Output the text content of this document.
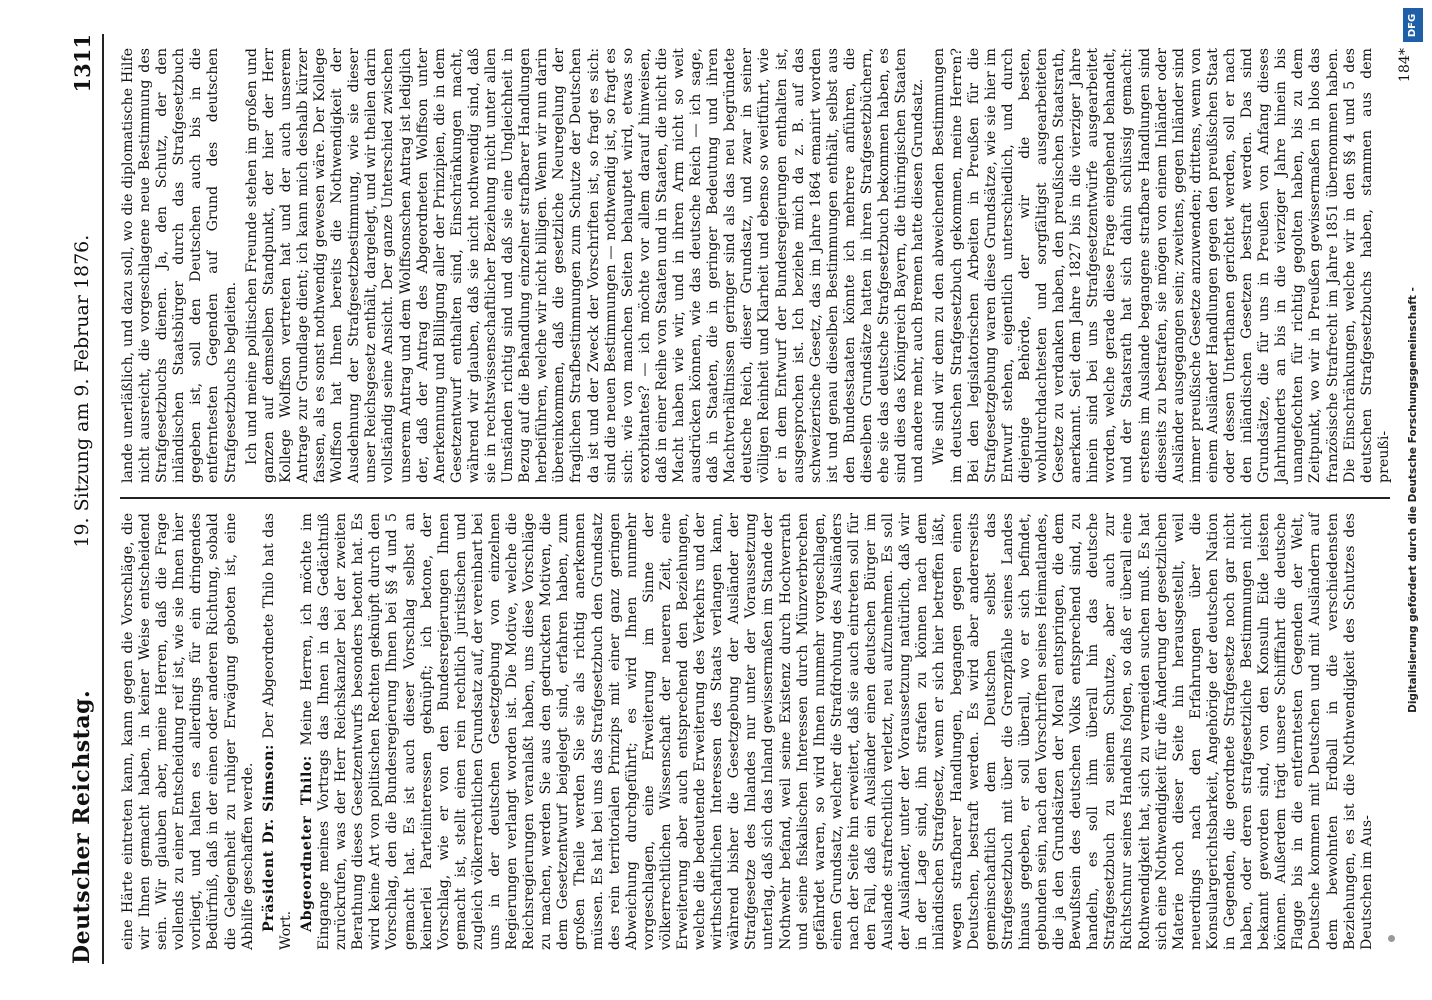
Deutscher Reichstag.
19. Sitzung am 9. Februar 1876.
1311

eine Härte eintreten kann, kann gegen die Vorschläge, die wir Ihnen gemacht haben, in keiner Weise entscheidend sein. Wir glauben aber, meine Herren, daß die Frage vollends zu einer Entscheidung reif ist, wie sie Ihnen hier vorliegt, und halten es allerdings für ein dringendes Bedürfniß, daß in der einen oder anderen Richtung, sobald die Gelegenheit zu ruhiger Erwägung geboten ist, eine Abhilfe geschaffen werde. Präsident Dr. Simson: Der Abgeordnete Thilo hat das Wort. Abgeordneter Thilo: Meine Herren, ich möchte im Eingange meines Vortrags das Ihnen in das Gedächtniß zurückrufen, was der Herr Reichskanzler bei der zweiten Berathung dieses Gesetzentwurfs besonders betont hat. Es wird keine Art von politischen Rechten geknüpft durch den Vorschlag, den die Bundesregierung Ihnen bei §§ 4 und 5 gemacht hat. Es ist auch dieser Vorschlag selbst an keinerlei Parteiinteressen geknüpft; ich betone, der Vorschlag, wie er von den Bundesregierungen Ihnen gemacht ist, stellt einen rein rechtlich juristischen und zugleich völkerrechtlichen Grundsatz auf, der vereinbart bei uns in der deutschen Gesetzgebung von einzelnen Regierungen verlangt worden ist. Die Motive, welche die Reichsregierungen veranlaßt haben, uns diese Vorschläge zu machen, werden Sie aus den gedruckten Motiven, die dem Gesetzentwurf beigelegt sind, erfahren haben, zum großen Theile werden Sie sie als richtig anerkennen müssen. Es hat bei uns das Strafgesetzbuch den Grundsatz des rein territorialen Prinzips mit einer ganz geringen Abweichung durchgeführt; es wird Ihnen nunmehr vorgeschlagen, eine Erweiterung im Sinne der völkerrechtlichen Wissenschaft der neueren Zeit, eine Erweiterung aber auch entsprechend den Beziehungen, welche die bedeutende Erweiterung des Verkehrs und der wirthschaftlichen Interessen des Staats verlangen kann, während bisher die Gesetzgebung der Ausländer der Strafgesetze des Inlandes nur unter der Voraussetzung unterlag, daß sich das Inland gewissermaßen im Stande der Nothwehr befand, weil seine Existenz durch Hochverrath und seine fiskalischen Interessen durch Münzverbrechen gefährdet waren, so wird Ihnen nunmehr vorgeschlagen, einen Grundsatz, welcher die Strafdrohung des Ausländers nach der Seite hin erweitert, daß sie auch eintreten soll für den Fall, daß ein Ausländer einen deutschen Bürger im Auslande strafrechtlich verletzt, neu aufzunehmen. Es soll der Ausländer, unter der Voraussetzung natürlich, daß wir in der Lage sind, ihn strafen zu können nach dem inländischen Strafgesetz, wenn er sich hier betreffen läßt, wegen strafbarer Handlungen, begangen gegen einen Deutschen, bestraft werden. Es wird aber andererseits gemeinschaftlich dem Deutschen selbst das Strafgesetzbuch mit über die Grenzpfähle seines Landes hinaus gegeben, er soll überall, wo er sich befindet, gebunden sein, nach den Vorschriften seines Heimatlandes, die ja den Grundsätzen der Moral entspringen, die dem Bewußtsein des deutschen Volks entsprechend sind, zu handeln, es soll ihm überall hin das deutsche Strafgesetzbuch zu seinem Schutze, aber auch zur Richtschnur seines Handelns folgen, so daß er überall eine Rothwendigkeit hat, sich zu vermeiden suchen muß. Es hat sich eine Nothwendigkeit für die Änderung der gesetzlichen Materie noch dieser Seite hin herausgestellt, weil neuerdings nach den Erfahrungen über die Konsulargerichtsbarkeit, Angehörige der deutschen Nation in Gegenden, die geordnete Strafgesetze noch gar nicht haben, oder deren strafgesetzliche Bestimmungen nicht bekannt geworden sind, von den Konsuln Eide leisten können. Außerdem trägt unsere Schifffahrt die deutsche Flagge bis in die entferntesten Gegenden der Welt, Deutsche kommen mit Deutschen und mit Ausländern auf dem bewohnten Erdball in die verschiedensten Beziehungen, es ist die Nothwendigkeit des Schutzes des Deutschen im Aus-

lande unerläßlich, und dazu soll, wo die diplomatische Hilfe nicht ausreicht, die vorgeschlagene neue Bestimmung des Strafgesetzbuchs dienen. Ja, den Schutz, der den inländischen Staatsbürger durch das Strafgesetzbuch gegeben ist, soll den Deutschen auch bis in die entferntesten Gegenden auf Grund des deutschen Strafgesetzbuchs begleiten. Ich und meine politischen Freunde stehen im großen und ganzen auf demselben Standpunkt, der hier der Herr Kollege Wolffson vertreten hat und der auch unserem Antrage zur Grundlage dient; ich kann mich deshalb kürzer fassen, als es sonst nothwendig gewesen wäre. Der Kollege Wolffson hat Ihnen bereits die Nothwendigkeit der Ausdehnung der Strafgesetzbestimmung, wie sie dieser unser Reichsgesetz enthält, dargelegt, und wir theilen darin vollständig seine Ansicht. Der ganze Unterschied zwischen unserem Antrag und dem Wolffsonschen Antrag ist lediglich der, daß der Antrag des Abgeordneten Wolffson unter Anerkennung und Billigung aller der Prinzipien, die in dem Gesetzentwurf enthalten sind, Einschränkungen macht, während wir glauben, daß sie nicht nothwendig sind, daß sie in rechtswissenschaftlicher Beziehung nicht unter allen Umständen richtig sind und daß sie eine Ungleichheit in Bezug auf die Behandlung einzelner strafbarer Handlungen herbeiführen, welche wir nicht billigen. Wenn wir nun darin übereinkommen, daß die gesetzliche Neuregelung der fraglichen Strafbestimmungen zum Schutze der Deutschen da ist und der Zweck der Vorschriften ist, so fragt es sich: sind die neuen Bestimmungen — nothwendig ist, so fragt es sich: wie von manchen Seiten behauptet wird, etwas so exorbitantes? — ich möchte vor allem darauf hinweisen, daß in einer Reihe von Staaten und in Staaten, die nicht die Macht haben wie wir, und in ihren Arm nicht so weit ausdrücken können, wie das deutsche Reich — ich sage, daß in Staaten, die in geringer Bedeutung und ihren Machtverhältnissen geringer sind als das neu begründete deutsche Reich, dieser Grundsatz, und zwar in seiner völligen Reinheit und Klarheit und ebenso so weitführt, wie er in dem Entwurf der Bundesregierungen enthalten ist, ausgesprochen ist. Ich beziehe mich da z. B. auf das schweizerische Gesetz, das im Jahre 1864 emanirt worden ist und genau dieselben Bestimmungen enthält, selbst aus den Bundesstaaten könnte ich mehrere anführen, die dieselben Grundsätze hatten in ihren Strafgesetzbüchern, ehe sie das deutsche Strafgesetzbuch bekommen haben, es sind dies das Königreich Bayern, die thüringischen Staaten und andere mehr, auch Bremen hatte diesen Grundsatz. Wie sind wir denn zu den abweichenden Bestimmungen im deutschen Strafgesetzbuch gekommen, meine Herren? Bei den legislatorischen Arbeiten in Preußen für die Strafgesetzgebung waren diese Grundsätze, wie sie hier im Entwurf stehen, eigentlich unterschiedlich, und durch diejenige Behörde, der wir die besten, wohldurchdachtesten und sorgfältigst ausgearbeiteten Gesetze zu verdanken haben, den preußischen Staatsrath, anerkannt. Seit dem Jahre 1827 bis in die vierziger Jahre hinein sind bei uns Strafgesetzentwürfe ausgearbeitet worden, welche gerade diese Frage eingehend behandelt, und der Staatsrath hat sich dahin schlüssig gemacht: erstens im Auslande begangene strafbare Handlungen sind diesseits zu bestrafen, sie mögen von einem Inländer oder Ausländer ausgegangen sein; zweitens, gegen Inländer sind immer preußische Gesetze anzuwenden; drittens, wenn von einem Ausländer Handlungen gegen den preußischen Staat oder dessen Unterthanen gerichtet werden, soll er nach den inländischen Gesetzen bestraft werden. Das sind Grundsätze, die für uns in Preußen von Anfang dieses Jahrhunderts an bis in die vierziger Jahre hinein bis unangefochten für richtig gegolten haben, bis zu dem Zeitpunkt, wo wir in Preußen gewissermaßen in blos das französische Strafrecht im Jahre 1851 übernommen haben. Die Einschränkungen, welche wir in den §§ 4 und 5 des deutschen Strafgesetzbuchs haben, stammen aus dem preußi-

184*

DFG
Digitalisierung gefördert durch die Deutsche Forschungsgemeinschaft -
